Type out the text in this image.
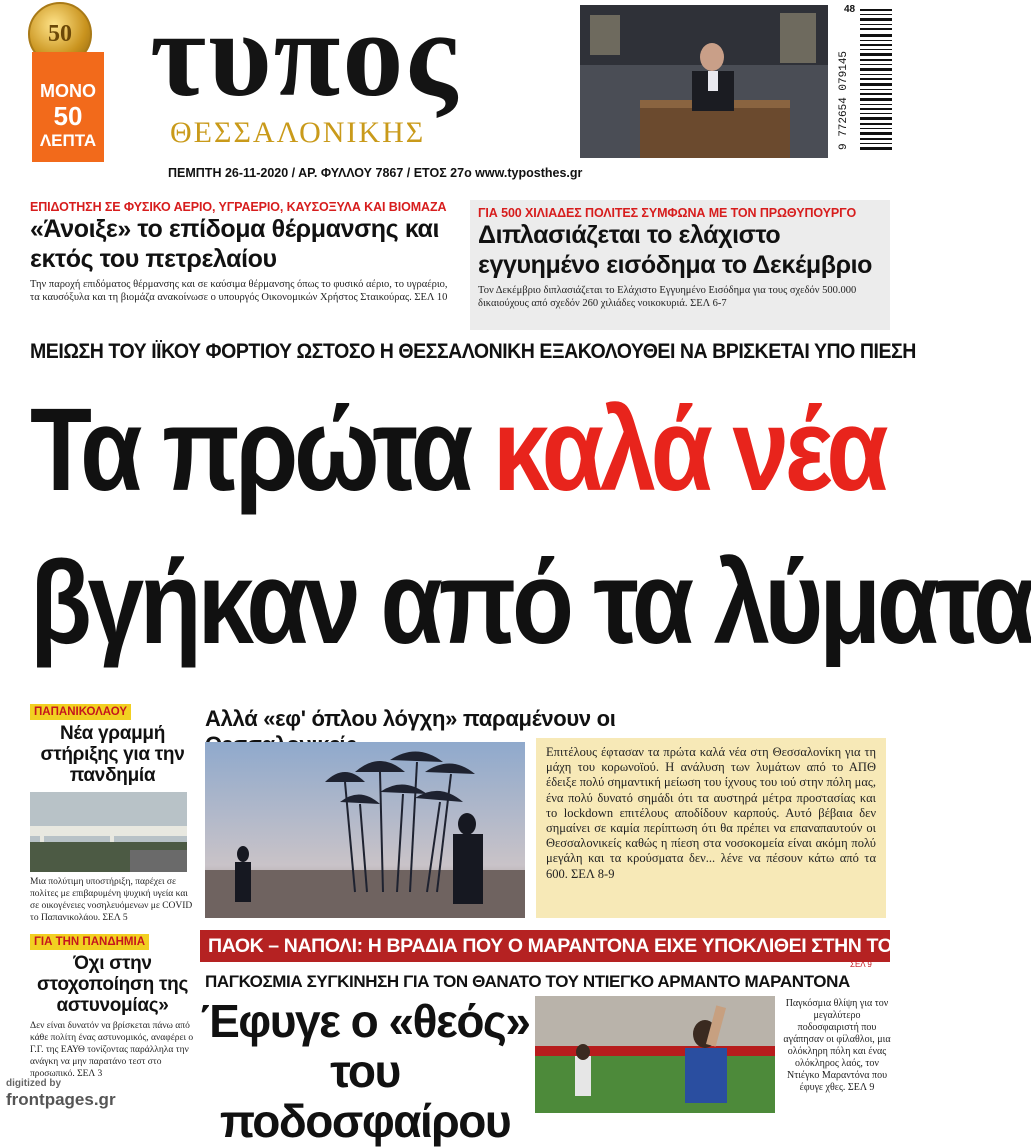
50
ΜΟΝΟ
50
ΛΕΠΤΑ
τυπος
ΘΕΣΣΑΛΟΝΙΚΗΣ
ΠΕΜΠΤΗ 26-11-2020 / ΑΡ. ΦΥΛΛΟΥ 7867 / ΕΤΟΣ 27ο www.typosthes.gr
9 772654 079145
48
ΕΠΙΔΟΤΗΣΗ ΣΕ ΦΥΣΙΚΟ ΑΕΡΙΟ, ΥΓΡΑΕΡΙΟ, ΚΑΥΣΟΞΥΛΑ ΚΑΙ ΒΙΟΜΑΖΑ
«Άνοιξε» το επίδομα θέρμανσης και εκτός του πετρελαίου
Την παροχή επιδόματος θέρμανσης και σε καύσιμα θέρμανσης όπως το φυσικό αέριο, το υγραέριο, τα καυσόξυλα και τη βιομάζα ανακοίνωσε ο υπουργός Οικονομικών Χρήστος Σταικούρας. ΣΕΛ 10
ΓΙΑ 500 ΧΙΛΙΑΔΕΣ ΠΟΛΙΤΕΣ ΣΥΜΦΩΝΑ ΜΕ ΤΟΝ ΠΡΩΘΥΠΟΥΡΓΟ
Διπλασιάζεται το ελάχιστο εγγυημένο εισόδημα το Δεκέμβριο
Τον Δεκέμβριο διπλασιάζεται το Ελάχιστο Εγγυημένο Εισόδημα για τους σχεδόν 500.000 δικαιούχους από σχεδόν 260 χιλιάδες νοικοκυριά. ΣΕΛ 6-7
ΜΕΙΩΣΗ ΤΟΥ ΙΪΚΟΥ ΦΟΡΤΙΟΥ ΩΣΤΟΣΟ Η ΘΕΣΣΑΛΟΝΙΚΗ ΕΞΑΚΟΛΟΥΘΕΙ ΝΑ ΒΡΙΣΚΕΤΑΙ ΥΠΟ ΠΙΕΣΗ
Τα πρώτα καλά νέα
βγήκαν από τα λύματα
ΠΑΠΑΝΙΚΟΛΑΟΥ
Νέα γραμμή στήριξης για την πανδημία
Μια πολύτιμη υποστήριξη, παρέχει σε πολίτες με επιβαρυμένη ψυχική υγεία και σε οικογένειες νοσηλευόμενων με COVID το Παπανικολάου. ΣΕΛ 5
ΓΙΑ ΤΗΝ ΠΑΝΔΗΜΙΑ
Όχι στην στοχοποίηση της αστυνομίας»
Δεν είναι δυνατόν να βρίσκεται πάνω από κάθε πολίτη ένας αστυνομικός, αναφέρει ο Γ.Γ. της ΕΑΥΘ τονίζοντας παράλληλα την ανάγκη να μην παρατάνο τεστ στο προσωπικό. ΣΕΛ 3
Αλλά «εφ' όπλου λόγχη» παραμένουν οι
Επιτέλους έφτασαν τα πρώτα καλά νέα στη Θεσσαλονίκη για τη μάχη του κορωνοϊού. Η ανάλυση των λυμάτων από το ΑΠΘ έδειξε πολύ σημαντική μείωση του ίχνους του ιού στην πόλη μας, ένα πολύ δυνατό σημάδι ότι τα αυστηρά μέτρα προστασίας και το lockdown επιτέλους αποδίδουν καρπούς. Αυτό βέβαια δεν σημαίνει σε καμία περίπτωση ότι θα πρέπει να επαναπαυτούν οι Θεσσαλονικείς καθώς η πίεση στα νοσοκομεία είναι ακόμη πολύ μεγάλη και τα κρούσματα δεν... λένε να πέσουν κάτω από τα 600. ΣΕΛ 8-9
ΠΑΟΚ – ΝΑΠΟΛΙ: Η ΒΡΑΔΙΑ ΠΟΥ Ο ΜΑΡΑΝΤΟΝΑ ΕΙΧΕ ΥΠΟΚΛΙΘΕΙ ΣΤΗΝ ΤΟΥΜΠΑ
ΣΕΛ 9
ΠΑΓΚΟΣΜΙΑ ΣΥΓΚΙΝΗΣΗ ΓΙΑ ΤΟΝ ΘΑΝΑΤΟ ΤΟΥ ΝΤΙΕΓΚΟ ΑΡΜΑΝΤΟ ΜΑΡΑΝΤΟΝΑ
Έφυγε ο «θεός» του ποδοσφαίρου
Παγκόσμια θλίψη για τον μεγαλύτερο ποδοσφαιριστή που αγάπησαν οι φίλαθλοι, μια ολόκληρη πόλη και ένας ολόκληρος λαός, τον Ντιέγκο Μαραντόνα που έφυγε χθες. ΣΕΛ 9
digitized by
frontpages.gr
